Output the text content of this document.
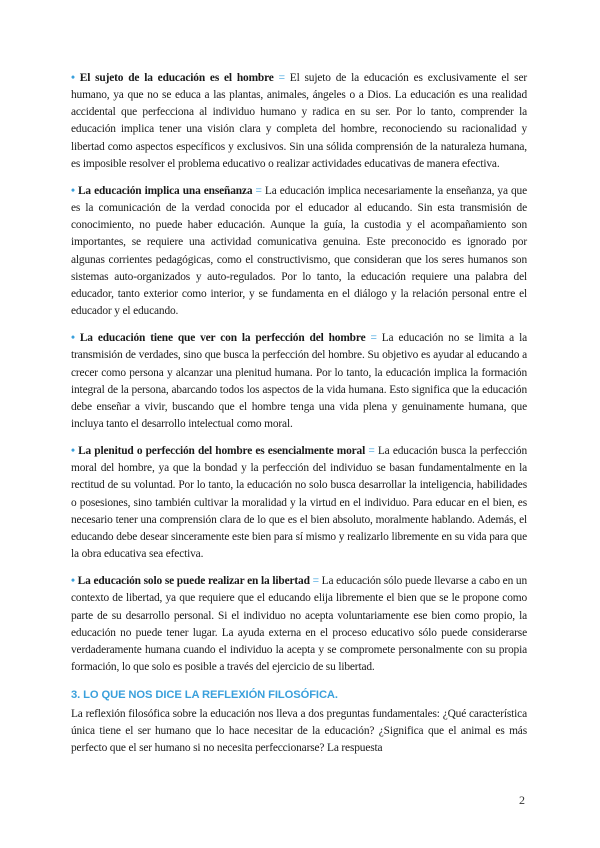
• El sujeto de la educación es el hombre = El sujeto de la educación es exclusivamente el ser humano, ya que no se educa a las plantas, animales, ángeles o a Dios. La educación es una realidad accidental que perfecciona al individuo humano y radica en su ser. Por lo tanto, comprender la educación implica tener una visión clara y completa del hombre, reconociendo su racionalidad y libertad como aspectos específicos y exclusivos. Sin una sólida comprensión de la naturaleza humana, es imposible resolver el problema educativo o realizar actividades educativas de manera efectiva.

• La educación implica una enseñanza = La educación implica necesariamente la enseñanza, ya que es la comunicación de la verdad conocida por el educador al educando. Sin esta transmisión de conocimiento, no puede haber educación. Aunque la guía, la custodia y el acompañamiento son importantes, se requiere una actividad comunicativa genuina. Este preconocido es ignorado por algunas corrientes pedagógicas, como el constructivismo, que consideran que los seres humanos son sistemas auto-organizados y auto-regulados. Por lo tanto, la educación requiere una palabra del educador, tanto exterior como interior, y se fundamenta en el diálogo y la relación personal entre el educador y el educando.

• La educación tiene que ver con la perfección del hombre = La educación no se limita a la transmisión de verdades, sino que busca la perfección del hombre. Su objetivo es ayudar al educando a crecer como persona y alcanzar una plenitud humana. Por lo tanto, la educación implica la formación integral de la persona, abarcando todos los aspectos de la vida humana. Esto significa que la educación debe enseñar a vivir, buscando que el hombre tenga una vida plena y genuinamente humana, que incluya tanto el desarrollo intelectual como moral.

• La plenitud o perfección del hombre es esencialmente moral = La educación busca la perfección moral del hombre, ya que la bondad y la perfección del individuo se basan fundamentalmente en la rectitud de su voluntad. Por lo tanto, la educación no solo busca desarrollar la inteligencia, habilidades o posesiones, sino también cultivar la moralidad y la virtud en el individuo. Para educar en el bien, es necesario tener una comprensión clara de lo que es el bien absoluto, moralmente hablando. Además, el educando debe desear sinceramente este bien para sí mismo y realizarlo libremente en su vida para que la obra educativa sea efectiva.

• La educación solo se puede realizar en la libertad = La educación sólo puede llevarse a cabo en un contexto de libertad, ya que requiere que el educando elija libremente el bien que se le propone como parte de su desarrollo personal. Si el individuo no acepta voluntariamente ese bien como propio, la educación no puede tener lugar. La ayuda externa en el proceso educativo sólo puede considerarse verdaderamente humana cuando el individuo la acepta y se compromete personalmente con su propia formación, lo que solo es posible a través del ejercicio de su libertad.

3. LO QUE NOS DICE LA REFLEXIÓN FILOSÓFICA.

La reflexión filosófica sobre la educación nos lleva a dos preguntas fundamentales: ¿Qué característica única tiene el ser humano que lo hace necesitar de la educación? ¿Significa que el animal es más perfecto que el ser humano si no necesita perfeccionarse? La respuesta

2
